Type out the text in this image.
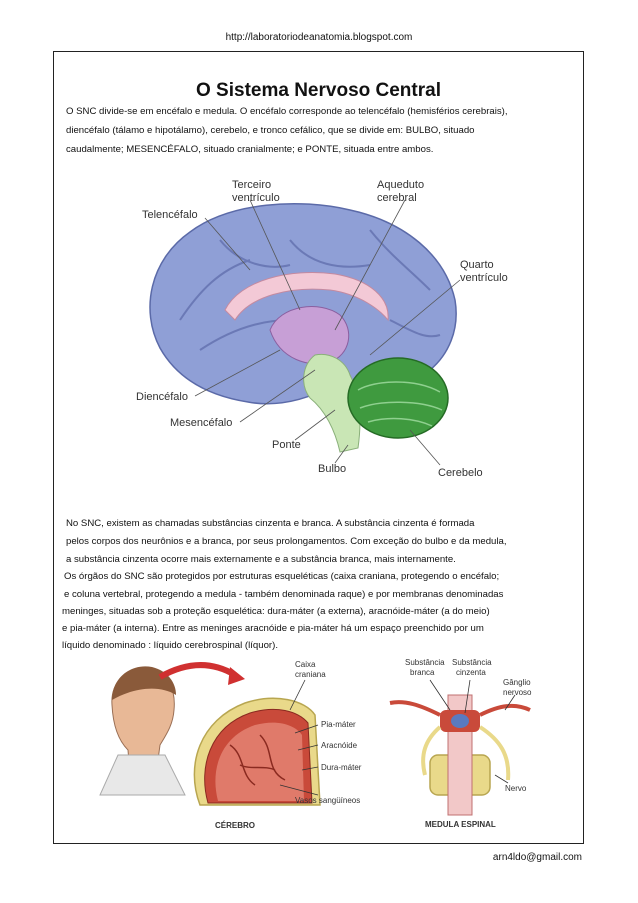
http://laboratoriodeanatomia.blogspot.com
O Sistema Nervoso Central
O SNC divide-se em encéfalo e medula. O encéfalo corresponde ao telencéfalo (hemisférios cerebrais),
diencéfalo (tálamo e hipotálamo), cerebelo, e tronco cefálico, que se divide em: BULBO, situado
caudalmente; MESENCÉFALO, situado cranialmente; e PONTE, situada entre ambos.
Terceiro
ventrículo
Aqueduto
cerebral
Telencéfalo
Quarto
ventrículo
Diencéfalo
Mesencéfalo
Ponte
Bulbo	Cerebelo
No SNC, existem as chamadas substâncias cinzenta e branca. A substância cinzenta é formada
pelos corpos dos neurônios e a branca, por seus prolongamentos. Com exceção do bulbo e da medula,
a substância cinzenta ocorre mais externamente e a substância branca, mais internamente.
Os órgãos do SNC são protegidos por estruturas esqueléticas (caixa craniana, protegendo o encéfalo;
e coluna vertebral, protegendo a medula - também denominada raque) e por membranas denominadas
meninges, situadas sob a proteção esquelética: dura-máter (a externa), aracnóide-máter (a do meio)
e pia-máter (a interna). Entre as meninges aracnóide e pia-máter há um espaço preenchido por um
líquido denominado : líquido cerebrospinal (líquor).
Caixa
craniana
Pia-máter
Aracnóide
Dura-máter
Vasos sangüíneos
CÉREBRO
Substância
branca
Substância
cinzenta
Gânglio
nervoso
Nervo
MEDULA ESPINAL
arn4ldo@gmail.com
